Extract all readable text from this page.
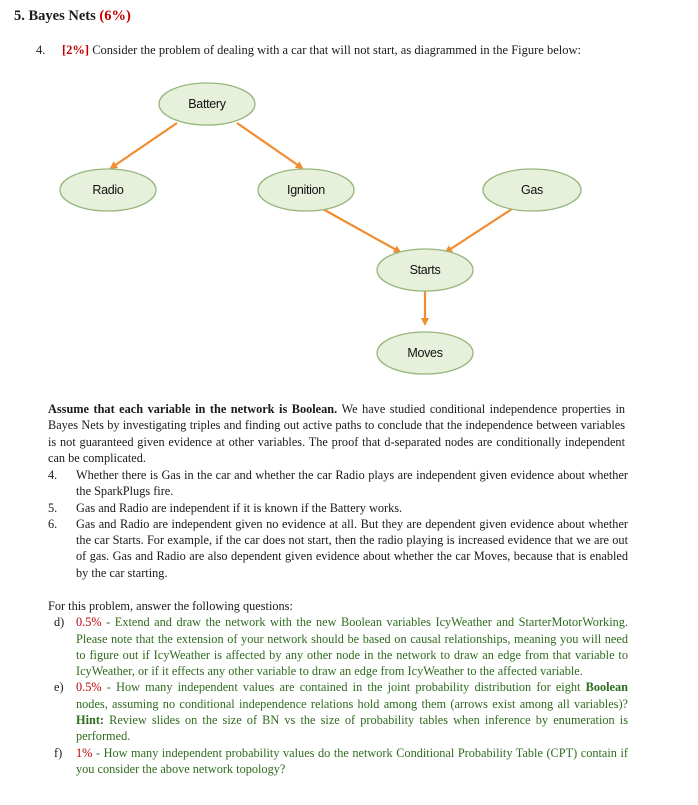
5. Bayes Nets (6%)
4. [2%] Consider the problem of dealing with a car that will not start, as diagrammed in the Figure below:
Battery
Radio	Ignition	Gas
Starts
Moves

Assume that each variable in the network is Boolean. We have studied conditional independence properties in Bayes Nets by investigating triples and finding out active paths to conclude that the independence between variables is not guaranteed given evidence at other variables. The proof that d-separated nodes are conditionally independent can be complicated.

4. Whether there is Gas in the car and whether the car Radio plays are independent given evidence about whether the SparkPlugs fire.
5. Gas and Radio are independent if it is known if the Battery works.
6. Gas and Radio are independent given no evidence at all. But they are dependent given evidence about whether the car Starts. For example, if the car does not start, then the radio playing is increased evidence that we are out of gas. Gas and Radio are also dependent given evidence about whether the car Moves, because that is enabled by the car starting.

For this problem, answer the following questions:

d) 0.5% - Extend and draw the network with the new Boolean variables IcyWeather and StarterMotorWorking. Please note that the extension of your network should be based on causal relationships, meaning you will need to figure out if IcyWeather is affected by any other node in the network to draw an edge from that variable to IcyWeather, or if it effects any other variable to draw an edge from IcyWeather to the affected variable.
e) 0.5% - How many independent values are contained in the joint probability distribution for eight Boolean nodes, assuming no conditional independence relations hold among them (arrows exist among all variables)? Hint: Review slides on the size of BN vs the size of probability tables when inference by enumeration is performed.
f) 1% - How many independent probability values do the network Conditional Probability Table (CPT) contain if you consider the above network topology?
